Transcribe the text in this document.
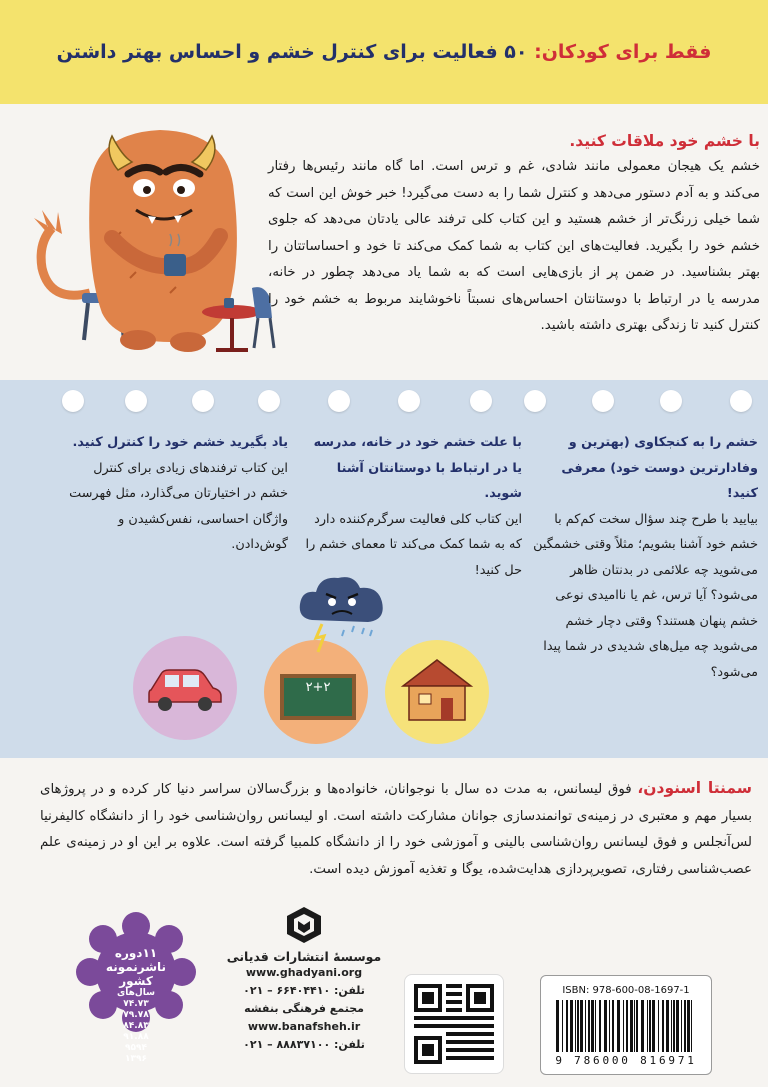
فقط برای کودکان: ۵۰ فعالیت برای کنترل خشم و احساس بهتر داشتن
با خشم خود ملاقات کنید.
خشم یک هیجان معمولی مانند شادی، غم و ترس است. اما گاه مانند رئیس‌ها رفتار می‌کند و به آدم دستور می‌دهد و کنترل شما را به دست می‌گیرد! خبر خوش این است که شما خیلی زرنگ‌تر از خشم هستید و این کتاب کلی ترفند عالی یادتان می‌دهد که جلوی خشم خود را بگیرید. فعالیت‌های این کتاب به شما کمک می‌کند تا خود و احساساتتان را بهتر بشناسید. در ضمن پر از بازی‌هایی است که به شما یاد می‌دهد چطور در خانه، مدرسه یا در ارتباط با دوستانتان احساس‌های نسبتاً ناخوشایند مربوط به خشم خود را کنترل کنید تا زندگی بهتری داشته باشید.
خشم را به کنجکاوی (بهترین و وفادارترین دوست خود) معرفی کنید!
بیایید با طرح چند سؤال سخت کم‌کم با خشم خود آشنا بشویم؛ مثلاً وقتی خشمگین می‌شوید چه علائمی در بدنتان ظاهر می‌شود؟ آیا ترس، غم یا ناامیدی نوعی خشم پنهان هستند؟ وقتی دچار خشم می‌شوید چه میل‌های شدیدی در شما پیدا می‌شود؟
با علت خشم خود در خانه، مدرسه یا در ارتباط با دوستانتان آشنا شوید.
این کتاب کلی فعالیت سرگرم‌کننده دارد که به شما کمک می‌کند تا معمای خشم را حل کنید!
یاد بگیرید خشم خود را کنترل کنید.
این کتاب ترفندهای زیادی برای کنترل خشم در اختیارتان می‌گذارد، مثل فهرست واژگان احساسی، نفس‌کشیدن و گوش‌دادن.
۲+۲
سمنتا اسنودن، فوق لیسانس، به مدت ده سال با نوجوانان، خانواده‌ها و بزرگ‌سالان سراسر دنیا کار کرده و در پروژهای بسیار مهم و معتبری در زمینه‌ی توانمندسازی جوانان مشارکت داشته است. او لیسانس روان‌شناسی خود را از دانشگاه کالیفرنیا لس‌آنجلس و فوق لیسانس روان‌شناسی بالینی و آموزشی خود را از دانشگاه کلمبیا گرفته است. علاوه بر این او در زمینه‌ی علم عصب‌شناسی رفتاری، تصویرپردازی هدایت‌شده، یوگا و تغذیه آموزش دیده است.
۱۱دوره
ناشرنمونه
کشور
سال‌های
۷۴.۷۳
۷۹.۷۸
۸۴.۸۳
۹۱.۸۸
۹۵۹۴
۱۳۹۶
موسسهٔ انتشارات قدیانی
www.ghadyani.org
تلفن: ۶۶۴۰۴۴۱۰ – ۰۲۱
مجتمع فرهنگی بنفشه
www.banafsheh.ir
تلفن: ۸۸۸۳۷۱۰۰ – ۰۲۱
ISBN: 978-600-08-1697-1
9 786000 816971
